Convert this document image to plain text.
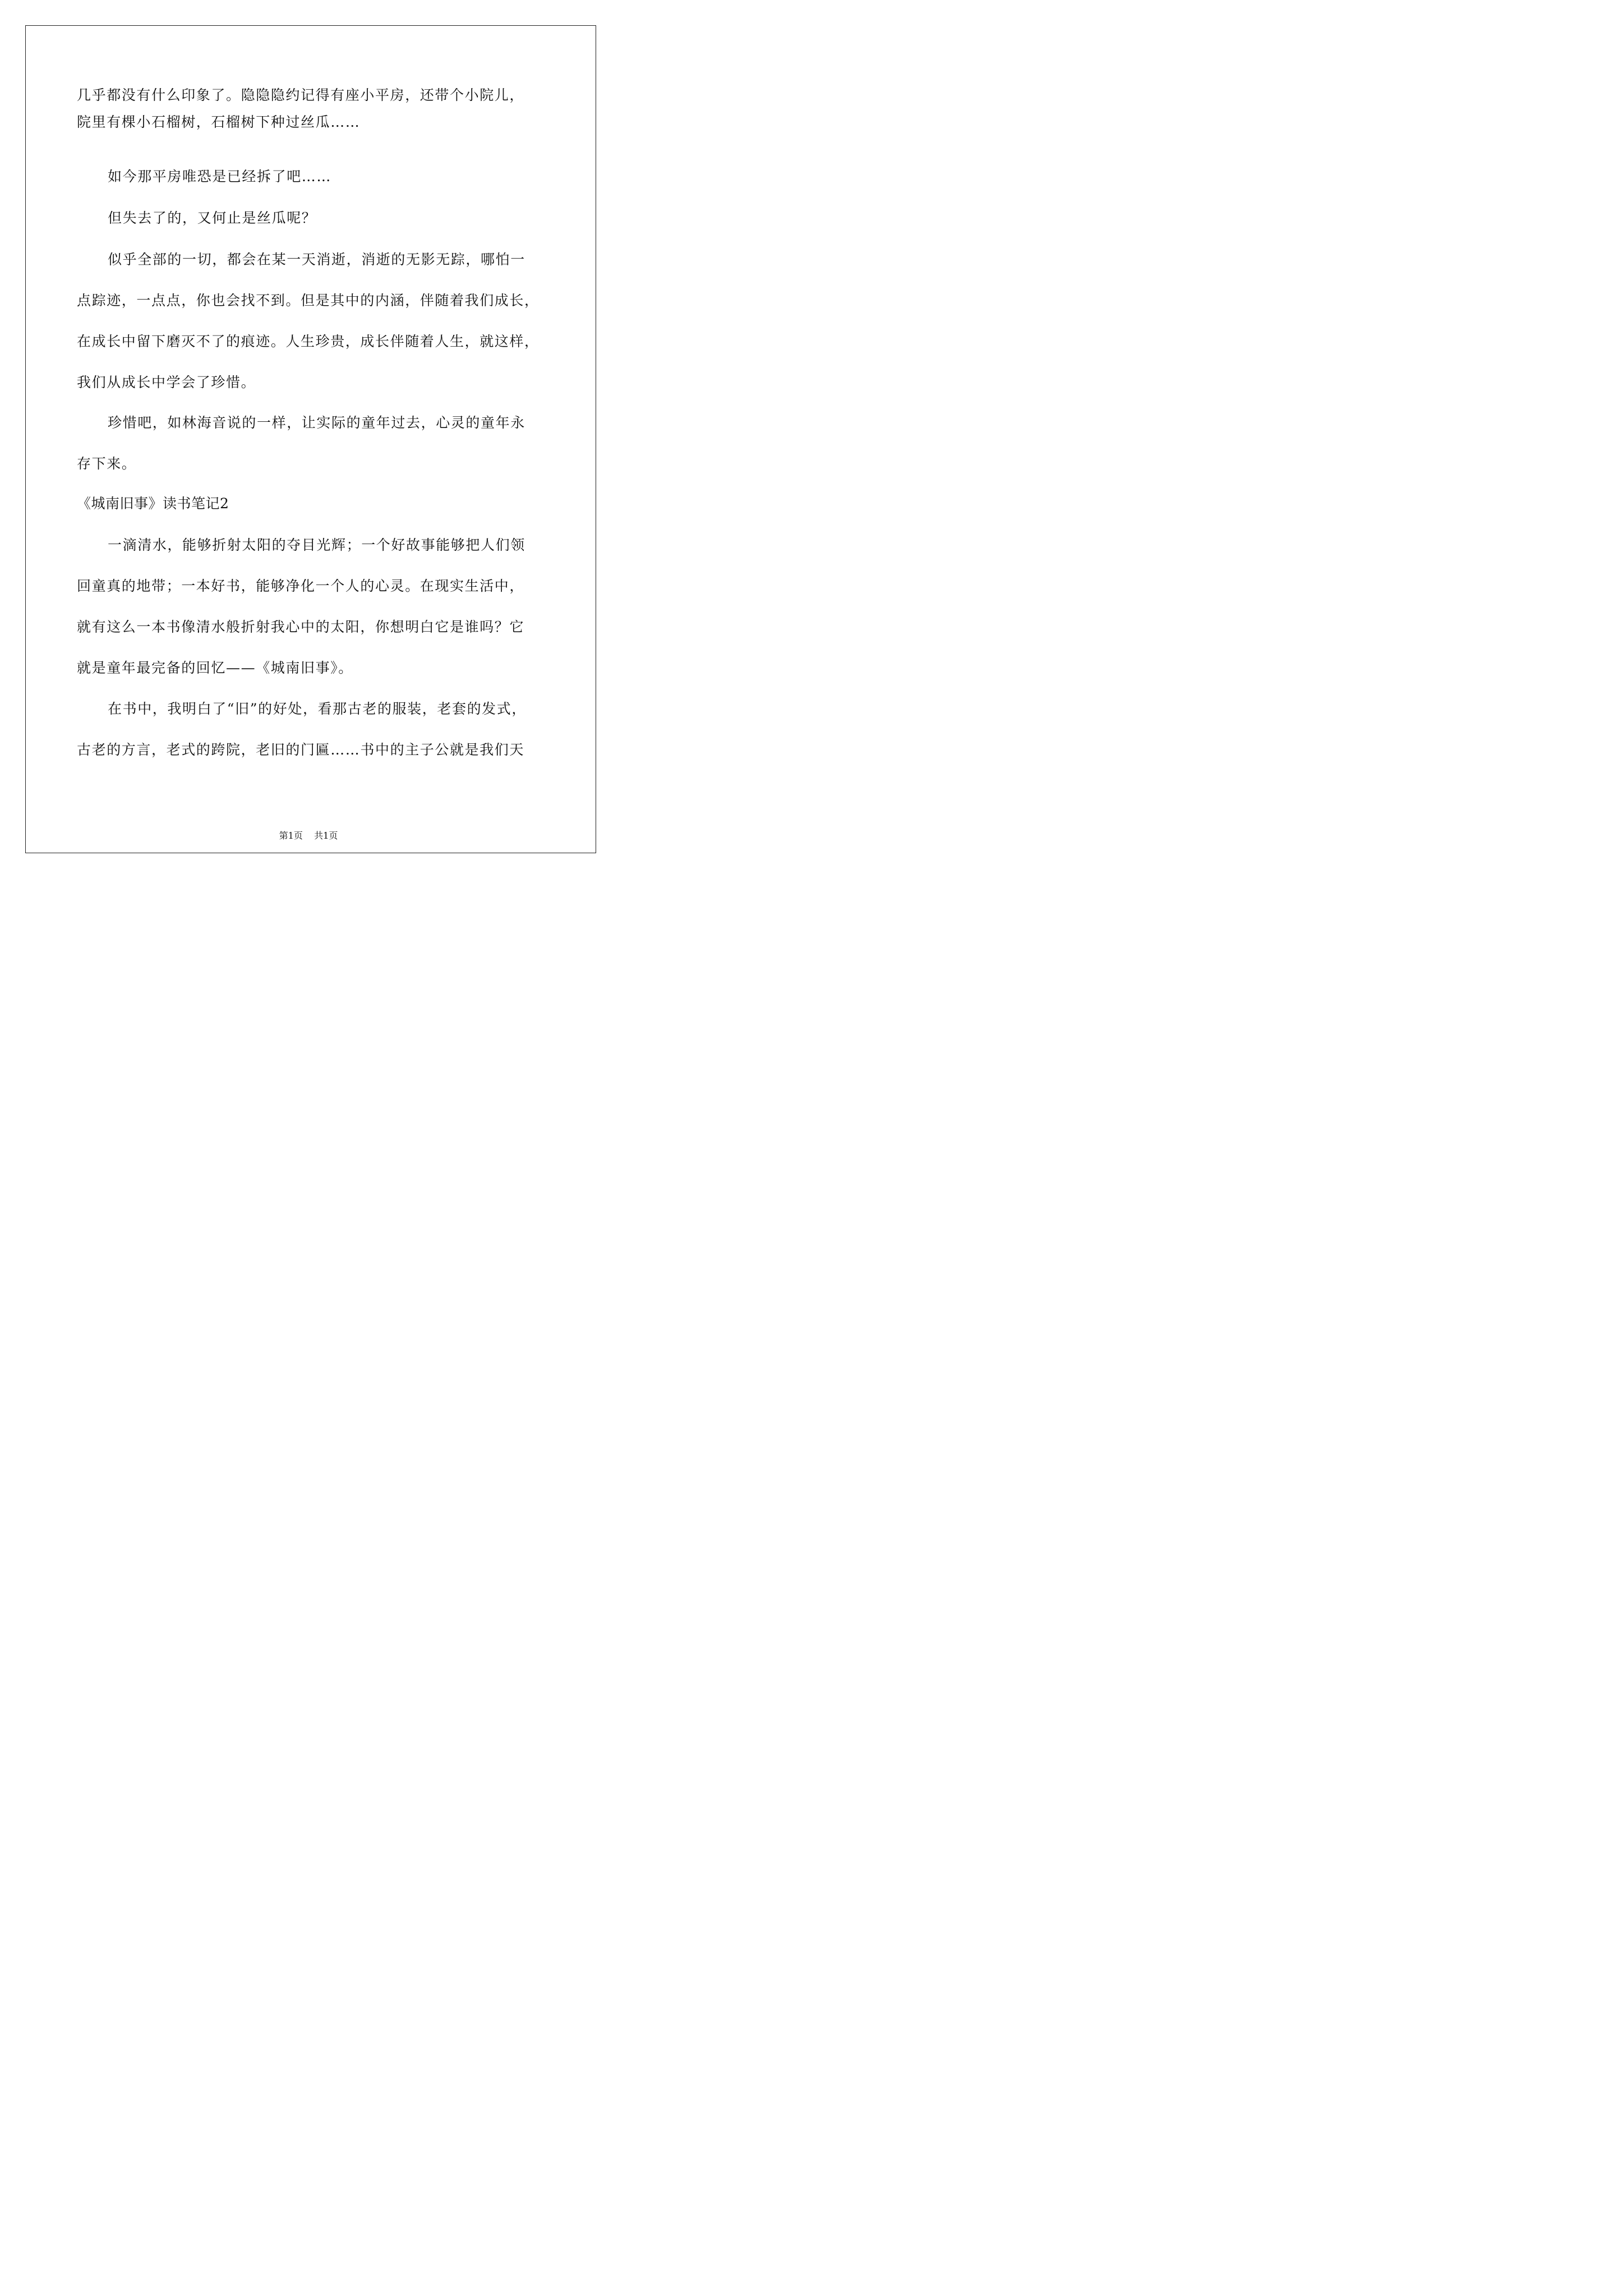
几乎都没有什么印象了。隐隐隐约记得有座小平房，还带个小院儿，
院里有棵小石榴树，石榴树下种过丝瓜……
如今那平房唯恐是已经拆了吧……
但失去了的，又何止是丝瓜呢？
似乎全部的一切，都会在某一天消逝，消逝的无影无踪，哪怕一
点踪迹，一点点，你也会找不到。但是其中的内涵，伴随着我们成长，
在成长中留下磨灭不了的痕迹。人生珍贵，成长伴随着人生，就这样，
我们从成长中学会了珍惜。
珍惜吧，如林海音说的一样，让实际的童年过去，心灵的童年永
存下来。
《城南旧事》读书笔记2
一滴清水，能够折射太阳的夺目光辉；一个好故事能够把人们领
回童真的地带；一本好书，能够净化一个人的心灵。在现实生活中，
就有这么一本书像清水般折射我心中的太阳，你想明白它是谁吗？它
就是童年最完备的回忆——《城南旧事》。
在书中，我明白了“旧”的好处，看那古老的服装，老套的发式，
古老的方言，老式的跨院，老旧的门匾……书中的主子公就是我们天
第1页 共1页
